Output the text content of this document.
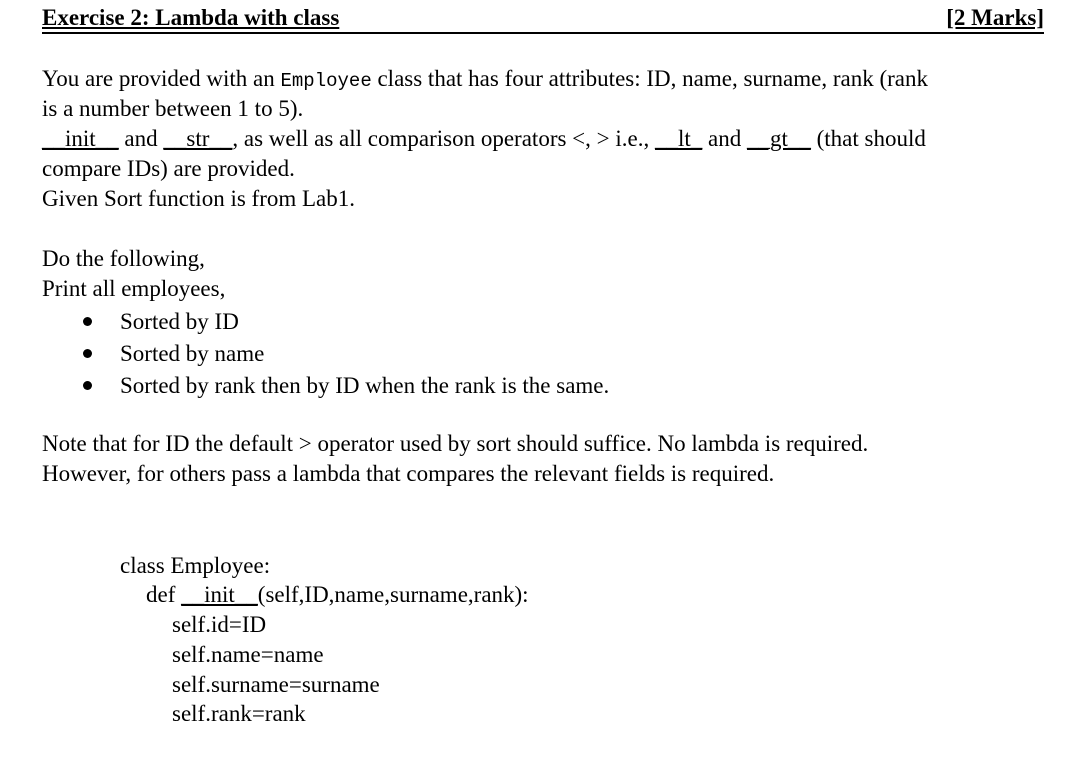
Exercise 2: Lambda with class	[2 Marks]
You are provided with an Employee class that has four attributes: ID, name, surname, rank (rank
is a number between 1 to 5).
__init__ and __str__, as well as all comparison operators <, > i.e., __lt_ and __gt__ (that should
compare IDs) are provided.
Given Sort function is from Lab1.
Do the following,
Print all employees,
Sorted by ID
Sorted by name
Sorted by rank then by ID when the rank is the same.
Note that for ID the default > operator used by sort should suffice. No lambda is required.
However, for others pass a lambda that compares the relevant fields is required.
class Employee:
def __init__(self,ID,name,surname,rank):
self.id=ID
self.name=name
self.surname=surname
self.rank=rank
